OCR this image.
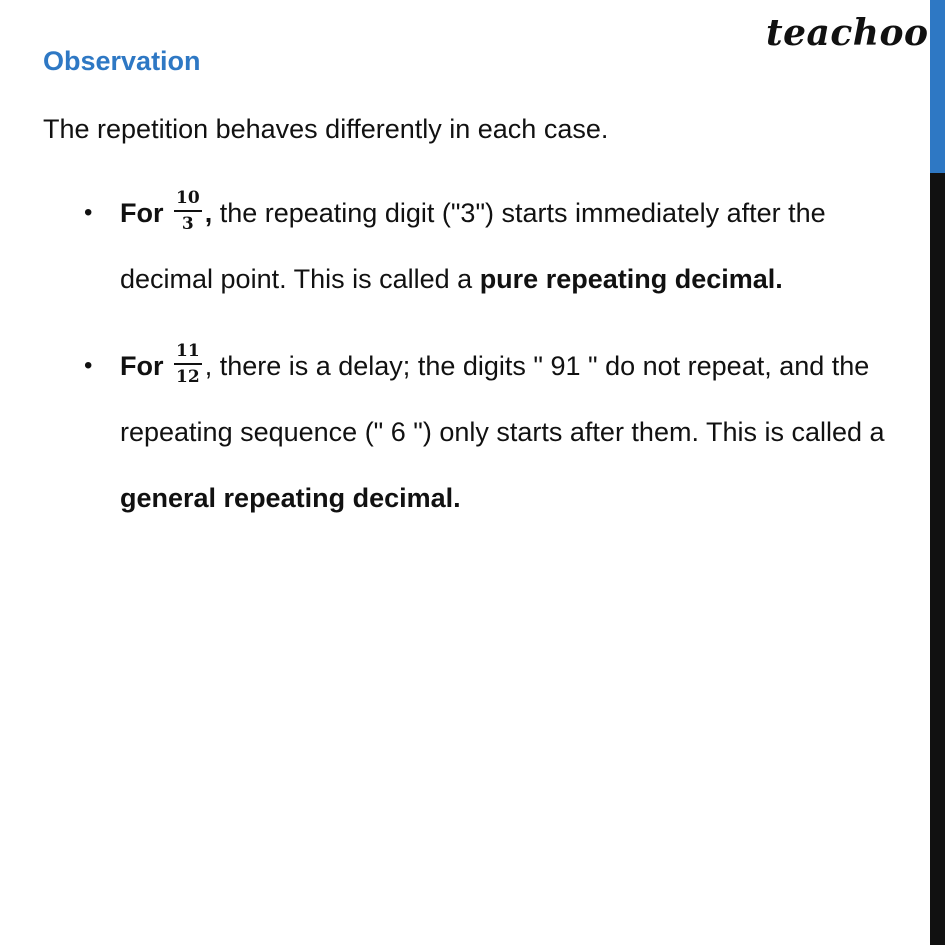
teachoo
Observation
The repetition behaves differently in each case.
• For $\frac{10}{3}$ , the repeating digit ("3") starts immediately after the decimal point. This is called a pure repeating decimal.
• For $\frac{11}{12}$ , there is a delay; the digits " 91 " do not repeat, and the repeating sequence (" 6 ") only starts after them. This is called a general repeating decimal.
